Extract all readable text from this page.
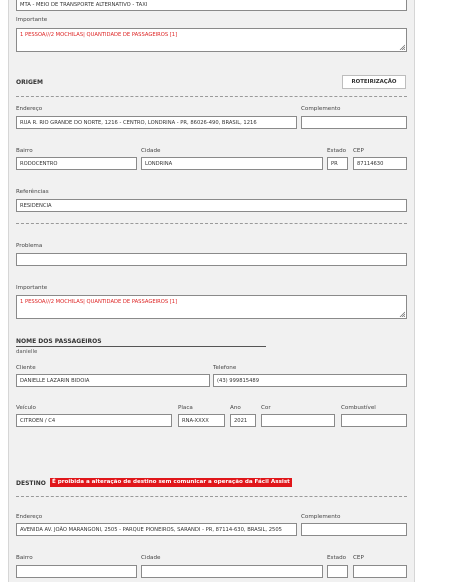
MTA - MEIO DE TRANSPORTE ALTERNATIVO - TAXI
Importante
1 PESSOA///2 MOCHILAS| QUANTIDADE DE PASSAGEIROS [1]
ORIGEM	ROTEIRIZAÇÃO
Endereço
RUA R. RIO GRANDE DO NORTE, 1216 - CENTRO, LONDRINA - PR, 86026-490, BRASIL, 1216
Complemento
Bairro
RODOCENTRO
Cidade
LONDRINA
Estado
PR
CEP
87114630
Referências
RESIDENCIA
Problema
Importante
1 PESSOA///2 MOCHILAS| QUANTIDADE DE PASSAGEIROS [1]
NOME DOS PASSAGEIROS
danielle
Cliente
DANIELLE LAZARIN BIDOIA
Telefone
(43) 999815489
Veículo
CITROEN / C4
Placa
RNA-XXXX
Ano
2021
Cor	Combustível
DESTINO	É proibida a alteração de destino sem comunicar a operação da Fácil Assist
Endereço
AVENIDA AV. JOÃO MARANGONI, 2505 - PARQUE PIONEIROS, SARANDI - PR, 87114-630, BRASIL, 2505
Complemento
Bairro	Cidade	Estado CEP
